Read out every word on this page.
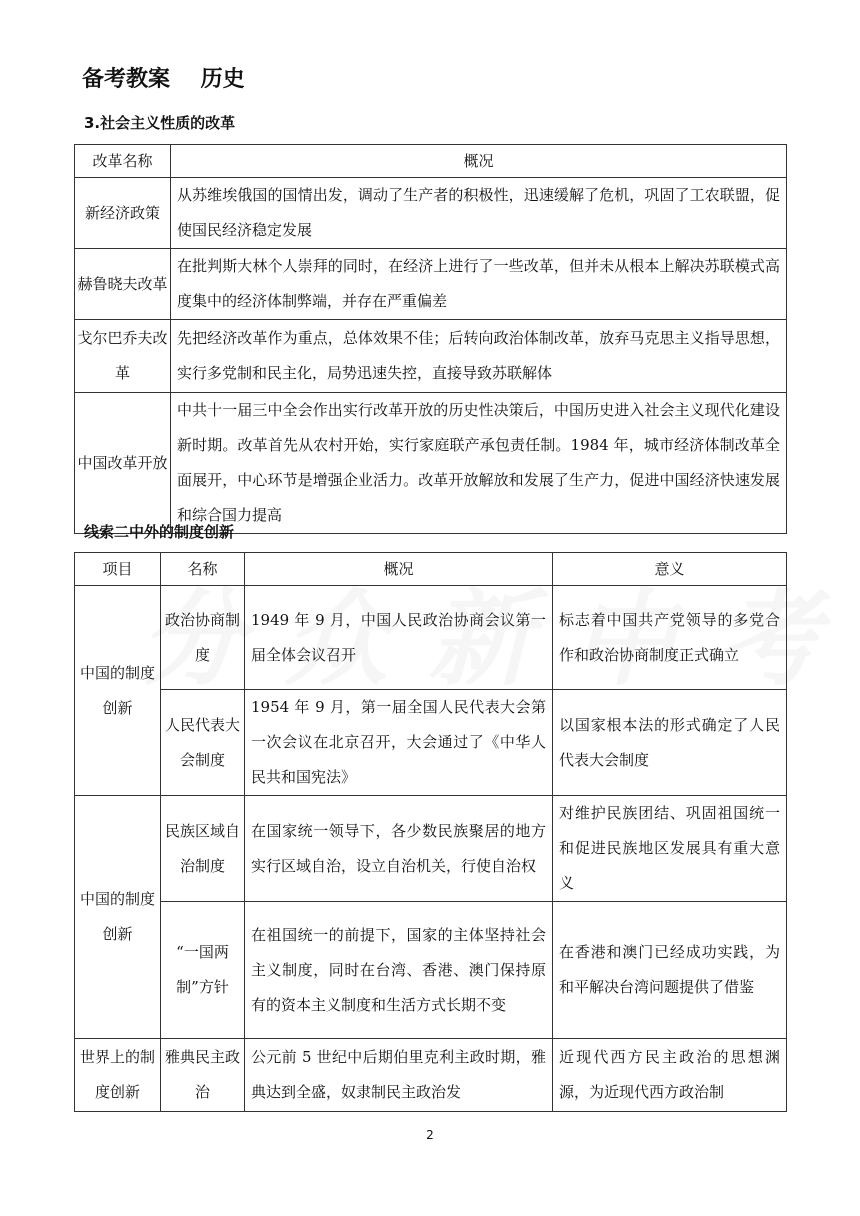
备考教案    历史
3.社会主义性质的改革
改革名称	概况
新经济政策	从苏维埃俄国的国情出发，调动了生产者的积极性，迅速缓解了危机，巩固了工农联盟，促使国民经济稳定发展
赫鲁晓夫改革	在批判斯大林个人崇拜的同时，在经济上进行了一些改革，但并未从根本上解决苏联模式高度集中的经济体制弊端，并存在严重偏差
戈尔巴乔夫改革	先把经济改革作为重点，总体效果不佳；后转向政治体制改革，放弃马克思主义指导思想，实行多党制和民主化，局势迅速失控，直接导致苏联解体
中国改革开放	中共十一届三中全会作出实行改革开放的历史性决策后，中国历史进入社会主义现代化建设新时期。改革首先从农村开始，实行家庭联产承包责任制。1984 年，城市经济体制改革全面展开，中心环节是增强企业活力。改革开放解放和发展了生产力，促进中国经济快速发展和综合国力提高
线索二中外的制度创新
项目	名称	概况	意义
中国的制度创新	政治协商制度	1949 年 9 月，中国人民政治协商会议第一届全体会议召开	标志着中国共产党领导的多党合作和政治协商制度正式确立
	人民代表大会制度	1954 年 9 月，第一届全国人民代表大会第一次会议在北京召开，大会通过了《中华人民共和国宪法》	以国家根本法的形式确定了人民代表大会制度
中国的制度创新	民族区域自治制度	在国家统一领导下，各少数民族聚居的地方实行区域自治，设立自治机关，行使自治权	对维护民族团结、巩固祖国统一和促进民族地区发展具有重大意义
	“一国两制”方针	在祖国统一的前提下，国家的主体坚持社会主义制度，同时在台湾、香港、澳门保持原有的资本主义制度和生活方式长期不变	在香港和澳门已经成功实践，为和平解决台湾问题提供了借鉴
世界上的制度创新	雅典民主政治	公元前 5 世纪中后期伯里克利主政时期，雅典达到全盛，奴隶制民主政治发	近现代西方民主政治的思想渊源，为近现代西方政治制
2
